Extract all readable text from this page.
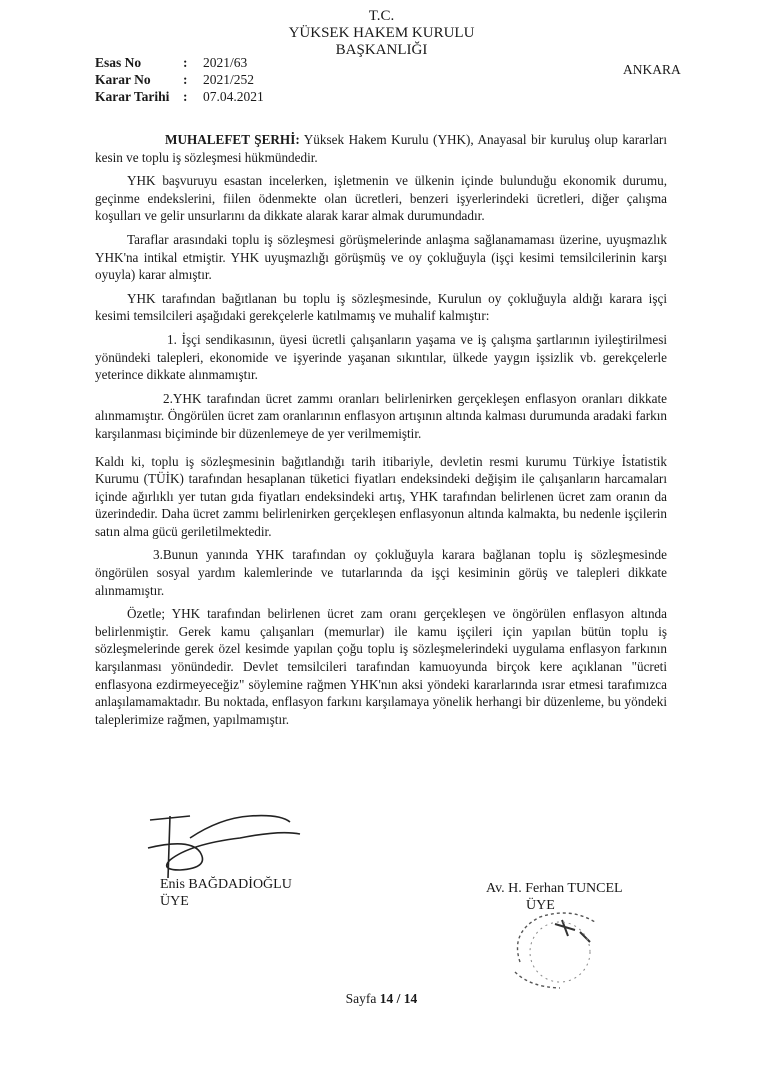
T.C.
YÜKSEK HAKEM KURULU
BAŞKANLIĞI
Esas No	:	2021/63
Karar No	:	2021/252
Karar Tarihi	:	07.04.2021
ANKARA

MUHALEFET ŞERHİ: Yüksek Hakem Kurulu (YHK), Anayasal bir kuruluş olup kararları kesin ve toplu iş sözleşmesi hükmündedir.

YHK başvuruyu esastan incelerken, işletmenin ve ülkenin içinde bulunduğu ekonomik durumu, geçinme endekslerini, fiilen ödenmekte olan ücretleri, benzeri işyerlerindeki ücretleri, diğer çalışma koşulları ve gelir unsurlarını da dikkate alarak karar almak durumundadır.

Taraflar arasındaki toplu iş sözleşmesi görüşmelerinde anlaşma sağlanamaması üzerine, uyuşmazlık YHK'na intikal etmiştir. YHK uyuşmazlığı görüşmüş ve oy çokluğuyla (işçi kesimi temsilcilerinin karşı oyuyla) karar almıştır.

YHK tarafından bağıtlanan bu toplu iş sözleşmesinde, Kurulun oy çokluğuyla aldığı karara işçi kesimi temsilcileri aşağıdaki gerekçelerle katılmamış ve muhalif kalmıştır:

1. İşçi sendikasının, üyesi ücretli çalışanların yaşama ve iş çalışma şartlarının iyileştirilmesi yönündeki talepleri, ekonomide ve işyerinde yaşanan sıkıntılar, ülkede yaygın işsizlik vb. gerekçelerle yeterince dikkate alınmamıştır.

2.YHK tarafından ücret zammı oranları belirlenirken gerçekleşen enflasyon oranları dikkate alınmamıştır. Öngörülen ücret zam oranlarının enflasyon artışının altında kalması durumunda aradaki farkın karşılanması biçiminde bir düzenlemeye de yer verilmemiştir.

Kaldı ki, toplu iş sözleşmesinin bağıtlandığı tarih itibariyle, devletin resmi kurumu Türkiye İstatistik Kurumu (TÜİK) tarafından hesaplanan tüketici fiyatları endeksindeki değişim ile çalışanların harcamaları içinde ağırlıklı yer tutan gıda fiyatları endeksindeki artış, YHK tarafından belirlenen ücret zam oranın da üzerindedir. Daha ücret zammı belirlenirken gerçekleşen enflasyonun altında kalmakta, bu nedenle işçilerin satın alma gücü geriletilmektedir.

3.Bunun yanında YHK tarafından oy çokluğuyla karara bağlanan toplu iş sözleşmesinde öngörülen sosyal yardım kalemlerinde ve tutarlarında da işçi kesiminin görüş ve talepleri dikkate alınmamıştır.

Özetle; YHK tarafından belirlenen ücret zam oranı gerçekleşen ve öngörülen enflasyon altında belirlenmiştir. Gerek kamu çalışanları (memurlar) ile kamu işçileri için yapılan bütün toplu iş sözleşmelerinde gerek özel kesimde yapılan çoğu toplu iş sözleşmelerindeki uygulama enflasyon farkının karşılanması yönündedir. Devlet temsilcileri tarafından kamuoyunda birçok kere açıklanan "ücreti enflasyona ezdirmeyeceğiz" söylemine rağmen YHK'nın aksi yöndeki kararlarında ısrar etmesi tarafımızca anlaşılamamaktadır. Bu noktada, enflasyon farkını karşılamaya yönelik herhangi bir düzenleme, bu yöndeki taleplerimize rağmen, yapılmamıştır.

Enis BAĞDADİOĞLU
ÜYE
Av. H. Ferhan TUNCEL
ÜYE
Sayfa 14 / 14
